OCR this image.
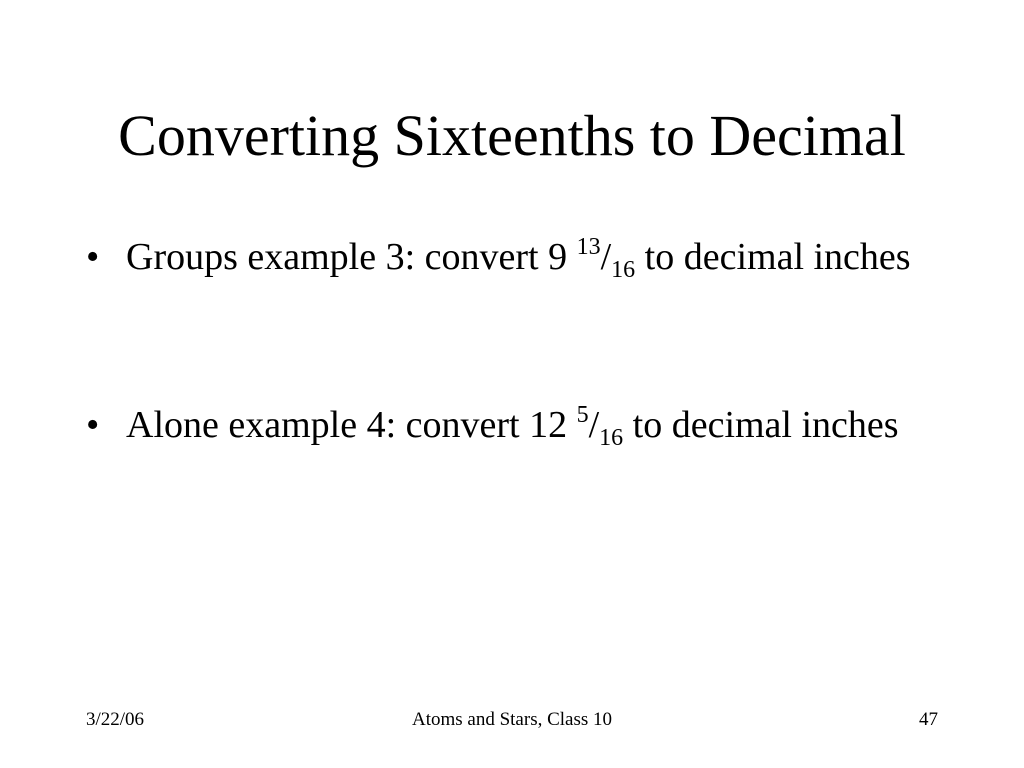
Converting Sixteenths to Decimal
• Groups example 3: convert 9 $^{13}/_{16}$ to decimal inches
• Alone example 4: convert 12 $^5/_{16}$ to decimal inches
3/22/06	Atoms and Stars, Class 10	47
